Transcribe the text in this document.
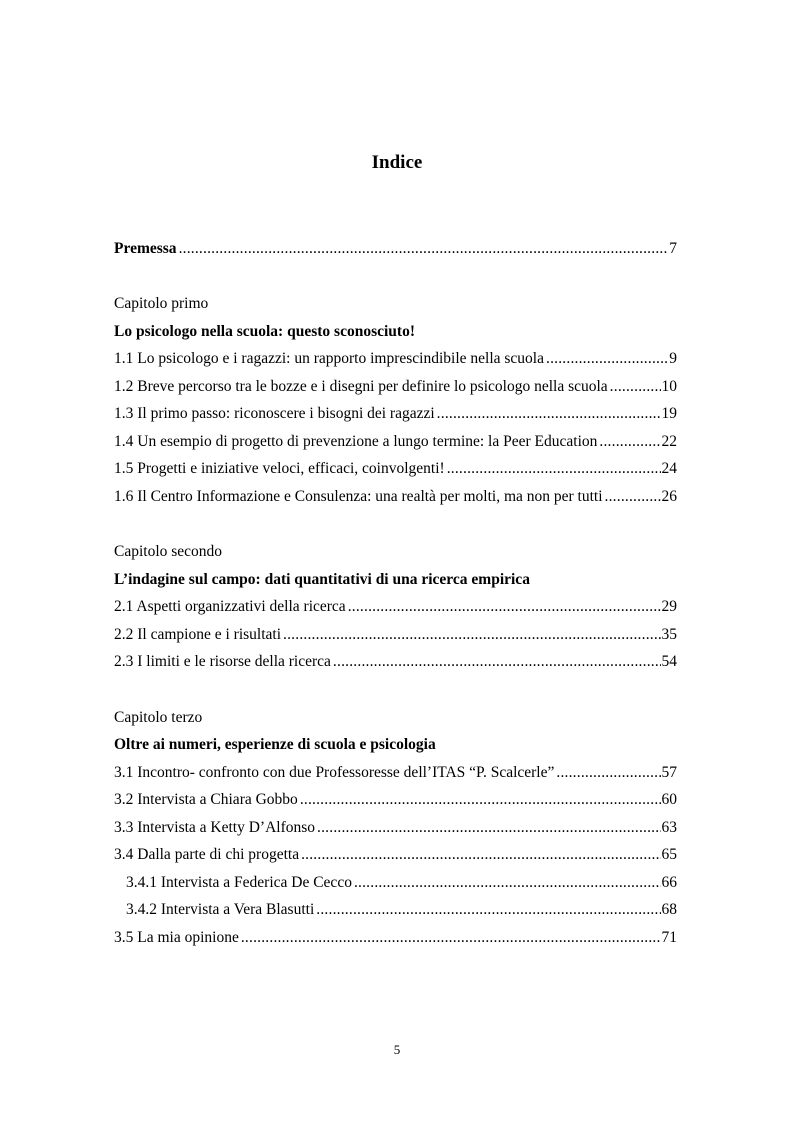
Indice
Premessa .....	7
Capitolo primo
Lo psicologo nella scuola: questo sconosciuto!
1.1 Lo psicologo e i ragazzi: un rapporto imprescindibile nella scuola .....	9
1.2 Breve percorso tra le bozze e i disegni per definire lo psicologo nella scuola .....	10
1.3 Il primo passo: riconoscere i bisogni dei ragazzi .....	19
1.4 Un esempio di progetto di prevenzione a lungo termine: la Peer Education .....	22
1.5 Progetti e iniziative veloci, efficaci, coinvolgenti! .....	24
1.6 Il Centro Informazione e Consulenza: una realtà per molti, ma non per tutti .....	26
Capitolo secondo
L’indagine sul campo: dati quantitativi di una ricerca empirica
2.1 Aspetti organizzativi della ricerca .....	29
2.2 Il campione e i risultati .....	35
2.3 I limiti e le risorse della ricerca .....	54
Capitolo terzo
Oltre ai numeri, esperienze di scuola e psicologia
3.1 Incontro- confronto con due Professoresse dell’ITAS “P. Scalcerle” .....	57
3.2 Intervista a Chiara Gobbo .....	60
3.3 Intervista a Ketty D’Alfonso .....	63
3.4 Dalla parte di chi progetta .....	65
3.4.1 Intervista a Federica De Cecco .....	66
3.4.2 Intervista a Vera Blasutti .....	68
3.5 La mia opinione .....	71
5
